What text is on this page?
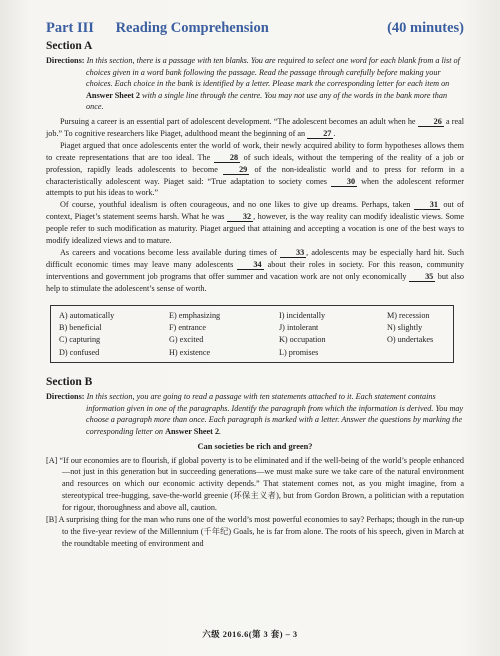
Part III Reading Comprehension	(40 minutes)
Section A
Directions: In this section, there is a passage with ten blanks. You are required to select one word for each blank from a list of choices given in a word bank following the passage. Read the passage through carefully before making your choices. Each choice in the bank is identified by a letter. Please mark the corresponding letter for each item on Answer Sheet 2 with a single line through the centre. You may not use any of the words in the bank more than once.

Pursuing a career is an essential part of adolescent development. “The adolescent becomes an adult when he 26 a real job.” To cognitive researchers like Piaget, adulthood meant the beginning of an 27 .

Piaget argued that once adolescents enter the world of work, their newly acquired ability to form hypotheses allows them to create representations that are too ideal. The 28 of such ideals, without the tempering of the reality of a job or profession, rapidly leads adolescents to become 29 of the non-idealistic world and to press for reform in a characteristically adolescent way. Piaget said: “True adaptation to society comes 30 when the adolescent reformer attempts to put his ideas to work.”

Of course, youthful idealism is often courageous, and no one likes to give up dreams. Perhaps, taken 31 out of context, Piaget’s statement seems harsh. What he was 32 , however, is the way reality can modify idealistic views. Some people refer to such modification as maturity. Piaget argued that attaining and accepting a vocation is one of the best ways to modify idealized views and to mature.

As careers and vocations become less available during times of 33 , adolescents may be especially hard hit. Such difficult economic times may leave many adolescents 34 about their roles in society. For this reason, community interventions and government job programs that offer summer and vacation work are not only economically 35 but also help to stimulate the adolescent’s sense of worth.

A) automatically	E) emphasizing	I) incidentally	M) recession
B) beneficial	F) entrance	J) intolerant	N) slightly
C) capturing	G) excited	K) occupation	O) undertakes
D) confused	H) existence	L) promises
Section B
Directions: In this section, you are going to read a passage with ten statements attached to it. Each statement contains information given in one of the paragraphs. Identify the paragraph from which the information is derived. You may choose a paragraph more than once. Each paragraph is marked with a letter. Answer the questions by marking the corresponding letter on Answer Sheet 2.
Can societies be rich and green?

[A] “If our economies are to flourish, if global poverty is to be eliminated and if the well-being of the world’s people enhanced—not just in this generation but in succeeding generations—we must make sure we take care of the natural environment and resources on which our economic activity depends.” That statement comes not, as you might imagine, from a stereotypical tree-hugging, save-the-world greenie (环保主义者), but from Gordon Brown, a politician with a reputation for rigour, thoroughness and above all, caution.

[B] A surprising thing for the man who runs one of the world’s most powerful economies to say? Perhaps; though in the run-up to the five-year review of the Millennium (千年纪) Goals, he is far from alone. The roots of his speech, given in March at the roundtable meeting of environment and

六级 2016.6(第 3 套) – 3
